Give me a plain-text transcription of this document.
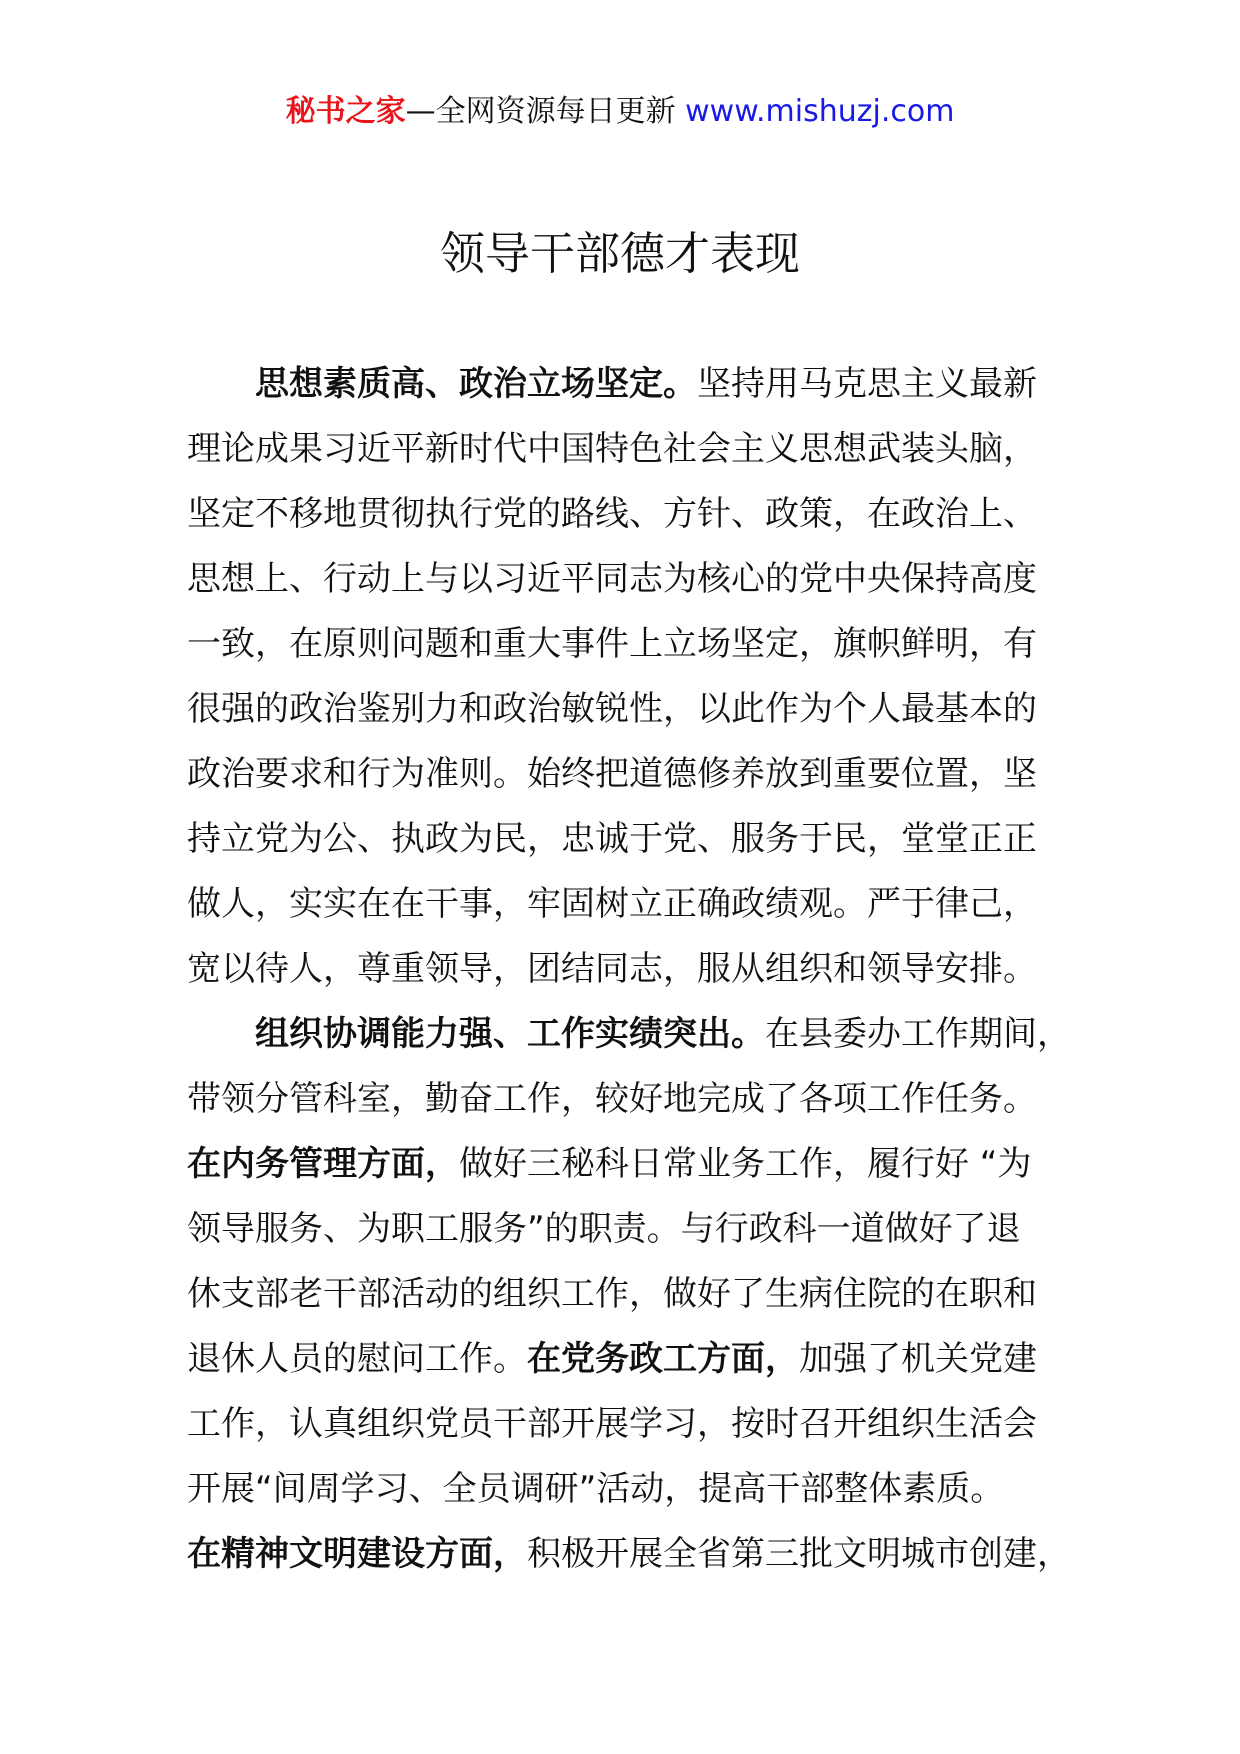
秘书之家—全网资源每日更新 www.mishuzj.com
领导干部德才表现
思想素质高、政治立场坚定。坚持用马克思主义最新
理论成果习近平新时代中国特色社会主义思想武装头脑，
坚定不移地贯彻执行党的路线、方针、政策，在政治上、
思想上、行动上与以习近平同志为核心的党中央保持高度
一致，在原则问题和重大事件上立场坚定，旗帜鲜明，有
很强的政治鉴别力和政治敏锐性，以此作为个人最基本的
政治要求和行为准则。始终把道德修养放到重要位置，坚
持立党为公、执政为民，忠诚于党、服务于民，堂堂正正
做人，实实在在干事，牢固树立正确政绩观。严于律己，
宽以待人，尊重领导，团结同志，服从组织和领导安排。
组织协调能力强、工作实绩突出。在县委办工作期间，
带领分管科室，勤奋工作，较好地完成了各项工作任务。
在内务管理方面，做好三秘科日常业务工作，履行好 “为
领导服务、为职工服务”的职责。与行政科一道做好了退
休支部老干部活动的组织工作，做好了生病住院的在职和
退休人员的慰问工作。在党务政工方面，加强了机关党建
工作，认真组织党员干部开展学习，按时召开组织生活会
开展“间周学习、全员调研”活动，提高干部整体素质。
在精神文明建设方面，积极开展全省第三批文明城市创建，
